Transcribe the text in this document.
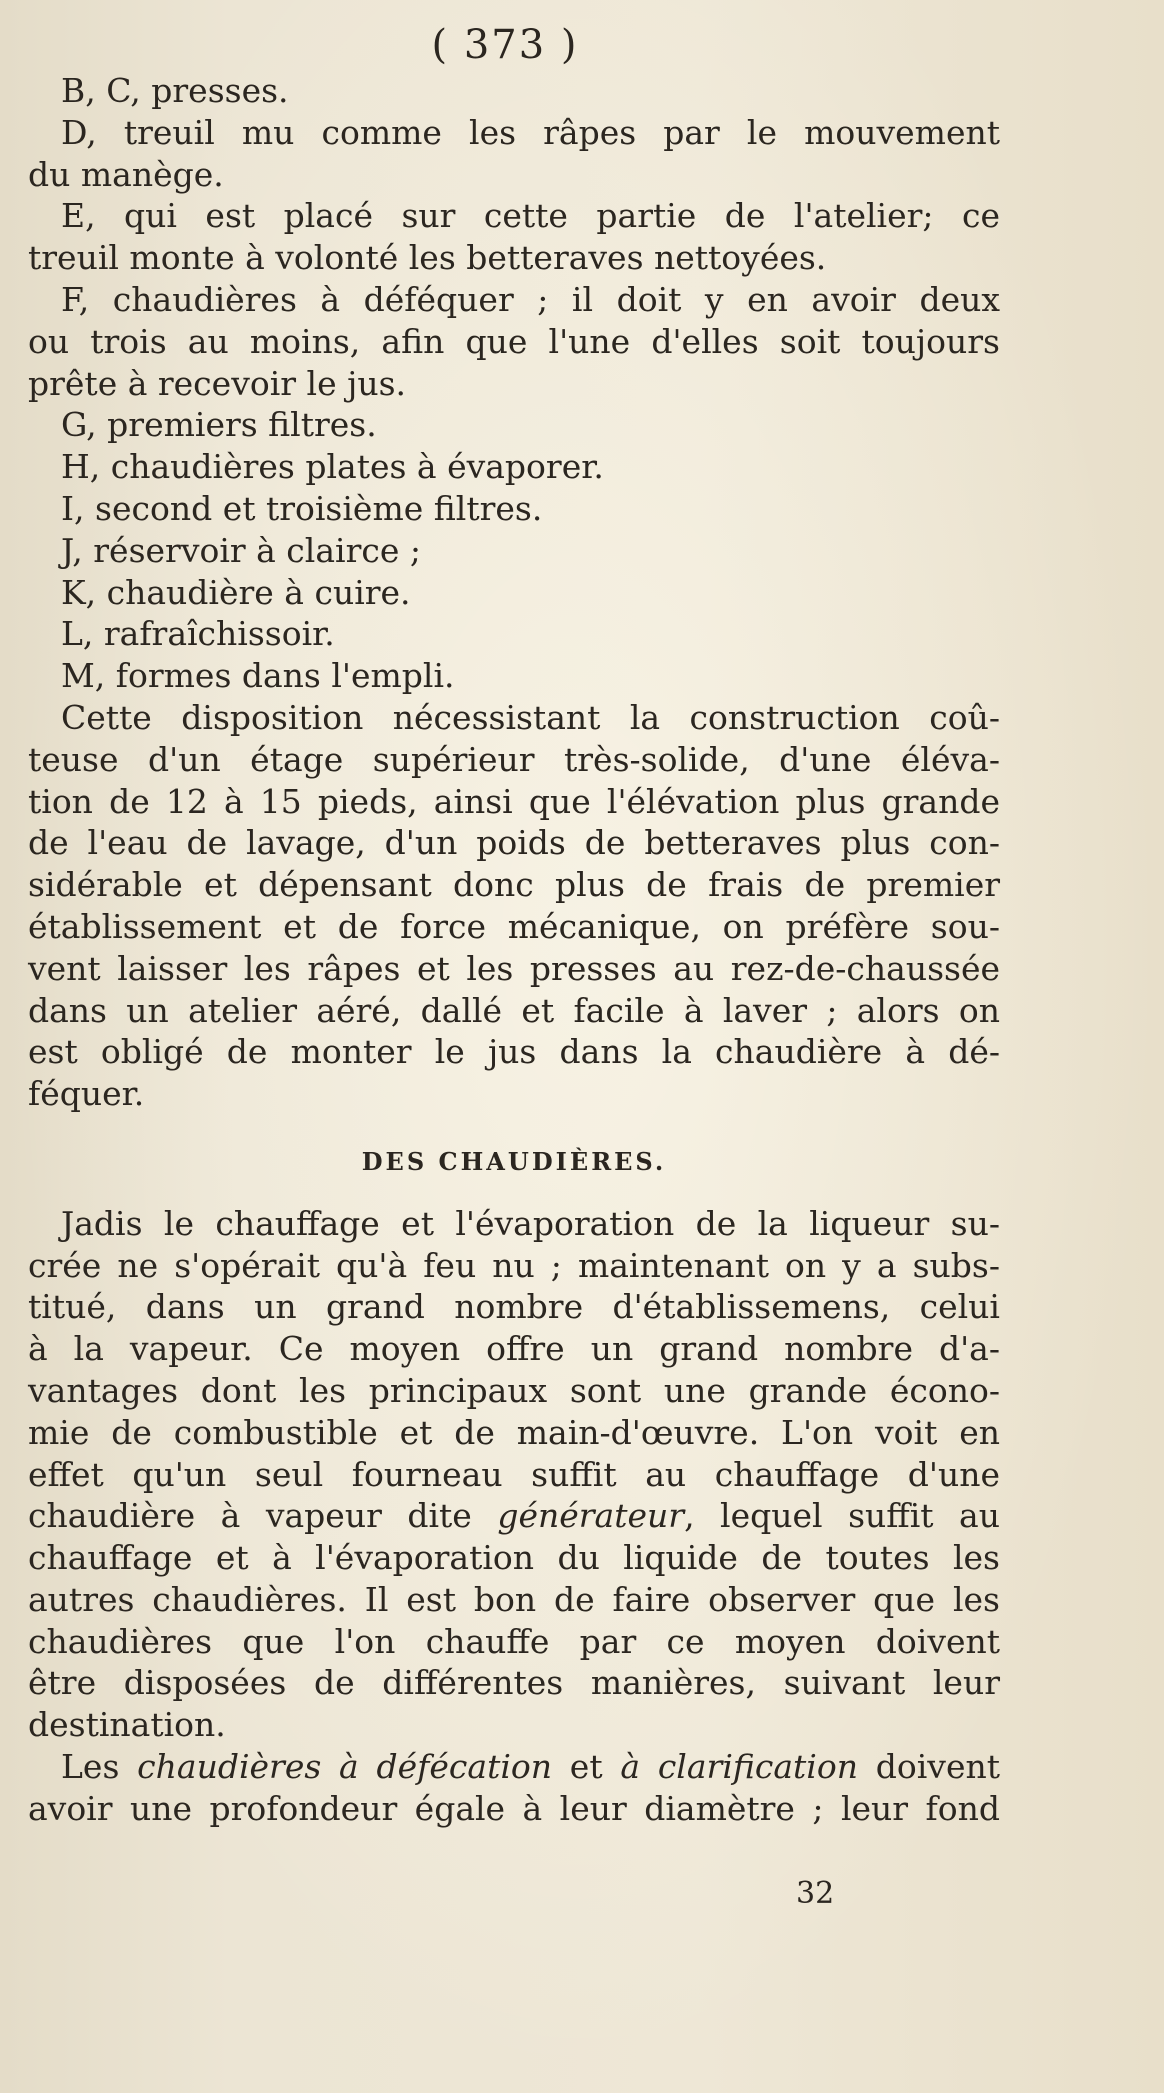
( 373 )
B, C, presses.
D, treuil mu comme les râpes par le mouvement
du manège.
E, qui est placé sur cette partie de l'atelier; ce
treuil monte à volonté les betteraves nettoyées.
F, chaudières à déféquer ; il doit y en avoir deux
ou trois au moins, afin que l'une d'elles soit toujours
prête à recevoir le jus.
G, premiers filtres.
H, chaudières plates à évaporer.
I, second et troisième filtres.
J, réservoir à clairce ;
K, chaudière à cuire.
L, rafraîchissoir.
M, formes dans l'empli.
Cette disposition nécessistant la construction coû-
teuse d'un étage supérieur très-solide, d'une éléva-
tion de 12 à 15 pieds, ainsi que l'élévation plus grande
de l'eau de lavage, d'un poids de betteraves plus con-
sidérable et dépensant donc plus de frais de premier
établissement et de force mécanique, on préfère sou-
vent laisser les râpes et les presses au rez-de-chaussée
dans un atelier aéré, dallé et facile à laver ; alors on
est obligé de monter le jus dans la chaudière à dé-
féquer.
DES CHAUDIÈRES.
Jadis le chauffage et l'évaporation de la liqueur su-
crée ne s'opérait qu'à feu nu ; maintenant on y a subs-
titué, dans un grand nombre d'établissemens, celui
à la vapeur. Ce moyen offre un grand nombre d'a-
vantages dont les principaux sont une grande écono-
mie de combustible et de main-d'œuvre. L'on voit en
effet qu'un seul fourneau suffit au chauffage d'une
chaudière à vapeur dite générateur, lequel suffit au
chauffage et à l'évaporation du liquide de toutes les
autres chaudières. Il est bon de faire observer que les
chaudières que l'on chauffe par ce moyen doivent
être disposées de différentes manières, suivant leur
destination.
Les chaudières à défécation et à clarification doivent
avoir une profondeur égale à leur diamètre ; leur fond
32
